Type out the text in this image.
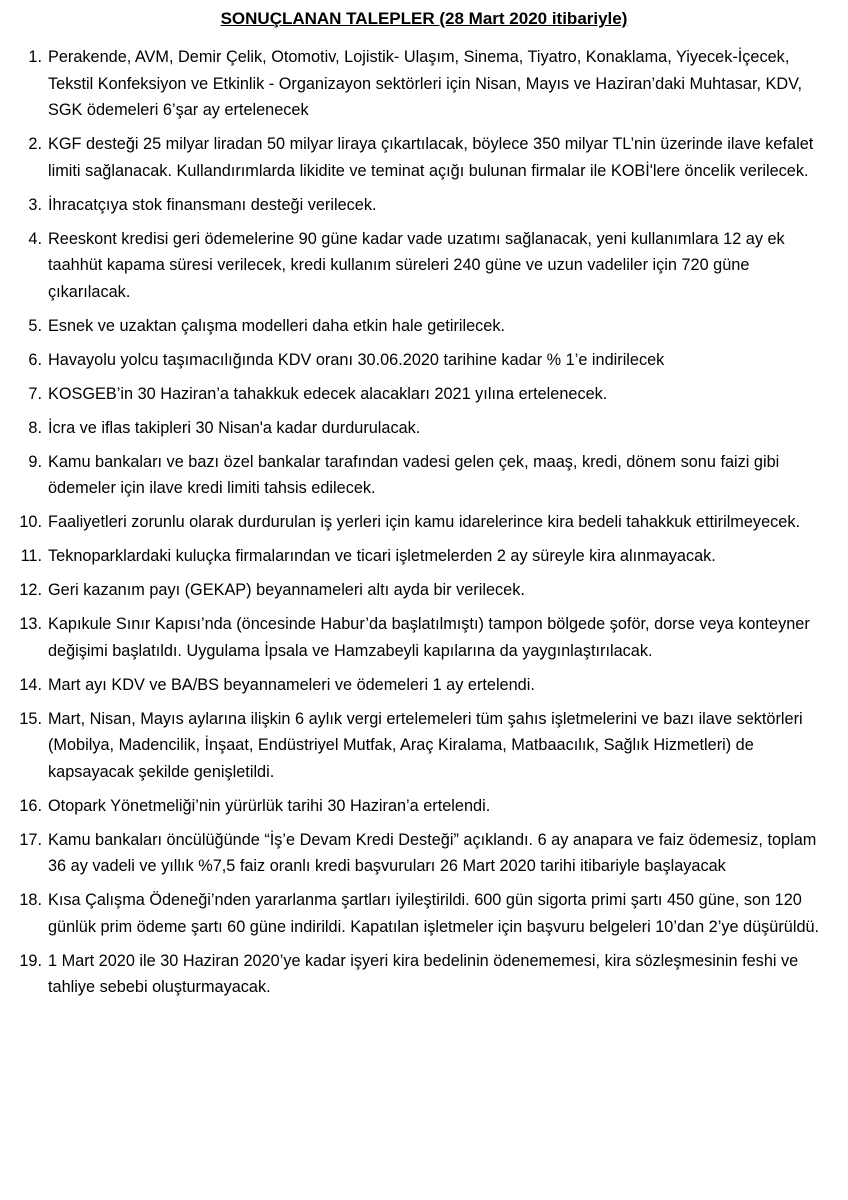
SONUÇLANAN TALEPLER (28 Mart 2020 itibariyle)
1. Perakende, AVM, Demir Çelik, Otomotiv, Lojistik- Ulaşım, Sinema, Tiyatro, Konaklama, Yiyecek-İçecek, Tekstil Konfeksiyon ve Etkinlik - Organizayon sektörleri için Nisan, Mayıs ve Haziran’daki Muhtasar, KDV, SGK ödemeleri 6’şar ay ertelenecek
2. KGF desteği 25 milyar liradan 50 milyar liraya çıkartılacak, böylece 350 milyar TL’nin üzerinde ilave kefalet limiti sağlanacak. Kullandırımlarda likidite ve teminat açığı bulunan firmalar ile KOBİ'lere öncelik verilecek.
3. İhracatçıya stok finansmanı desteği verilecek.
4. Reeskont kredisi geri ödemelerine 90 güne kadar vade uzatımı sağlanacak, yeni kullanımlara 12 ay ek taahhüt kapama süresi verilecek, kredi kullanım süreleri 240 güne ve uzun vadeliler için 720 güne çıkarılacak.
5. Esnek ve uzaktan çalışma modelleri daha etkin hale getirilecek.
6. Havayolu yolcu taşımacılığında KDV oranı 30.06.2020 tarihine kadar % 1’e indirilecek
7. KOSGEB’in 30 Haziran’a tahakkuk edecek alacakları 2021 yılına ertelenecek.
8. İcra ve iflas takipleri 30 Nisan'a kadar durdurulacak.
9. Kamu bankaları ve bazı özel bankalar tarafından vadesi gelen çek, maaş, kredi, dönem sonu faizi gibi ödemeler için ilave kredi limiti tahsis edilecek.
10. Faaliyetleri zorunlu olarak durdurulan iş yerleri için kamu idarelerince kira bedeli tahakkuk ettirilmeyecek.
11. Teknoparklardaki kuluçka firmalarından ve ticari işletmelerden 2 ay süreyle kira alınmayacak.
12. Geri kazanım payı (GEKAP) beyannameleri altı ayda bir verilecek.
13. Kapıkule Sınır Kapısı’nda (öncesinde Habur’da başlatılmıştı) tampon bölgede şoför, dorse veya konteyner değişimi başlatıldı. Uygulama İpsala ve Hamzabeyli kapılarına da yaygınlaştırılacak.
14. Mart ayı KDV ve BA/BS beyannameleri ve ödemeleri 1 ay ertelendi.
15. Mart, Nisan, Mayıs aylarına ilişkin 6 aylık vergi ertelemeleri tüm şahıs işletmelerini ve bazı ilave sektörleri (Mobilya, Madencilik, İnşaat, Endüstriyel Mutfak, Araç Kiralama, Matbaacılık, Sağlık Hizmetleri) de kapsayacak şekilde genişletildi.
16. Otopark Yönetmeliği’nin yürürlük tarihi 30 Haziran’a ertelendi.
17. Kamu bankaları öncülüğünde “İş’e Devam Kredi Desteği” açıklandı. 6 ay anapara ve faiz ödemesiz, toplam 36 ay vadeli ve yıllık %7,5 faiz oranlı kredi başvuruları 26 Mart 2020 tarihi itibariyle başlayacak
18. Kısa Çalışma Ödeneği’nden yararlanma şartları iyileştirildi. 600 gün sigorta primi şartı 450 güne, son 120 günlük prim ödeme şartı 60 güne indirildi. Kapatılan işletmeler için başvuru belgeleri 10’dan 2’ye düşürüldü.
19. 1 Mart 2020 ile 30 Haziran 2020’ye kadar işyeri kira bedelinin ödenememesi, kira sözleşmesinin feshi ve tahliye sebebi oluşturmayacak.
